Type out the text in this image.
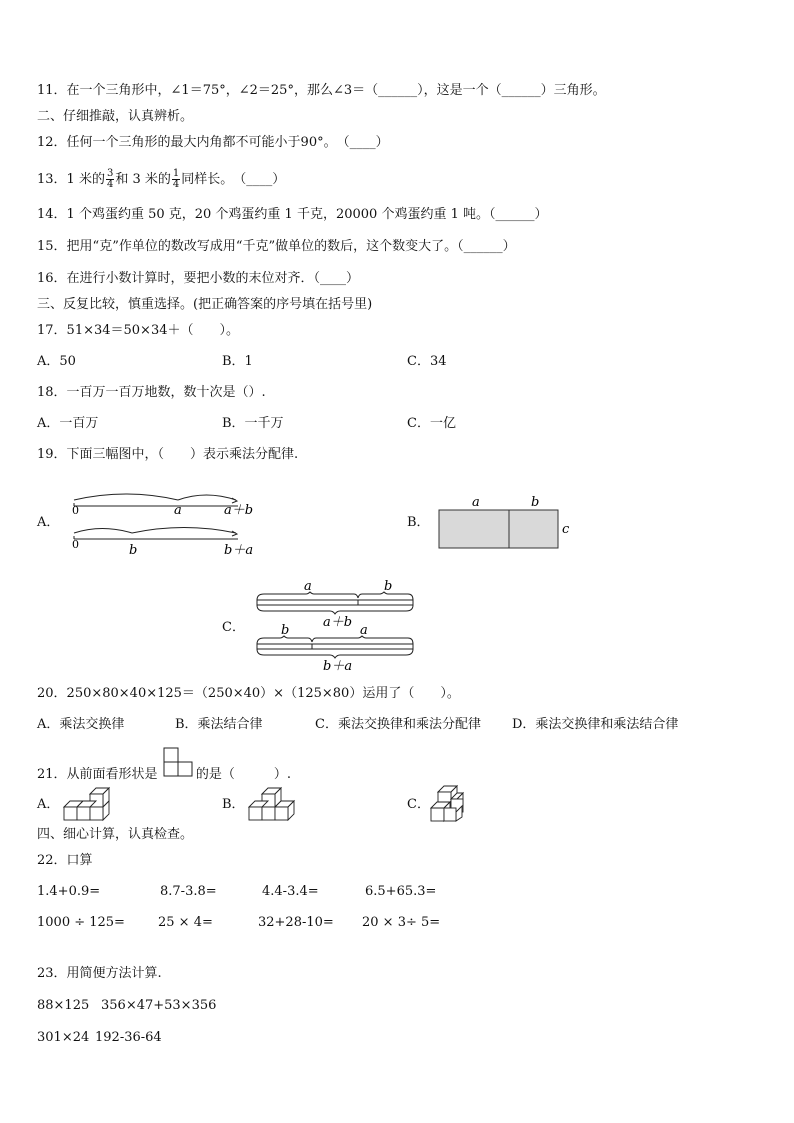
11．在一个三角形中，∠1＝75°，∠2＝25°，那么∠3＝（______），这是一个（______）三角形。
二、仔细推敲，认真辨析。
12．任何一个三角形的最大内角都不可能小于90°。　（____）
13．1 米的 $\frac{3}{4}$ 和 3 米的 $\frac{1}{4}$ 同样长。　（____）
14．1 个鸡蛋约重 50 克，20 个鸡蛋约重 1 千克，20000 个鸡蛋约重 1 吨。（______）
15．把用“克”作单位的数改写成用“千克”做单位的数后，这个数变大了。（______）
16．在进行小数计算时，要把小数的末位对齐．（____）
三、反复比较，慎重选择。(把正确答案的序号填在括号里)
17．51×34＝50×34＋（　　）。
A．50	B．1	C．34
18．一百万一百万地数，数十次是（）.
A．一百万	B．一千万	C．一亿
19．下面三幅图中，（　　）表示乘法分配律.
A．	B．
C．
0	a	a＋b
0	b	b＋a
a	b
c
a	b
a＋b
b	a
b＋a
20．250×80×40×125＝（250×40）×（125×80）运用了（　　）。
A．乘法交换律	B．乘法结合律	C．乘法交换律和乘法分配律 D．乘法交换律和乘法结合律
21．从前面看形状是	的是（　　　）.
A．	B．	C．
四、细心计算，认真检查。
22．口算
1.4+0.9=	8.7-3.8=	4.4-3.4=	6.5+65.3=
1000 ÷ 125=	25 × 4=	32+28-10= 20 × 3÷ 5=
23．用简便方法计算.
88×125 356×47+53×356
301×24 192-36-64
